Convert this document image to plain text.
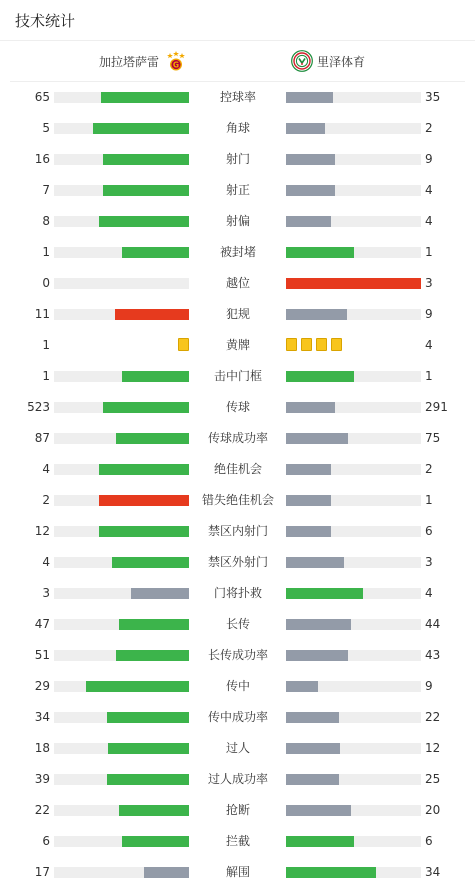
技术统计
加拉塔萨雷 G	里泽体育
65	控球率	35
5	角球	2
16	射门	9
7	射正	4
8	射偏	4
1	被封堵	1
0	越位	3
11	犯规	9
1	黄牌	4
1	击中门框	1
523	传球	291
87	传球成功率	75
4	绝佳机会	2
2	错失绝佳机会	1
12	禁区内射门	6
4	禁区外射门	3
3	门将扑救	4
47	长传	44
51	长传成功率	43
29	传中	9
34	传中成功率	22
18	过人	12
39	过人成功率	25
22	抢断	20
6	拦截	6
17	解围	34
